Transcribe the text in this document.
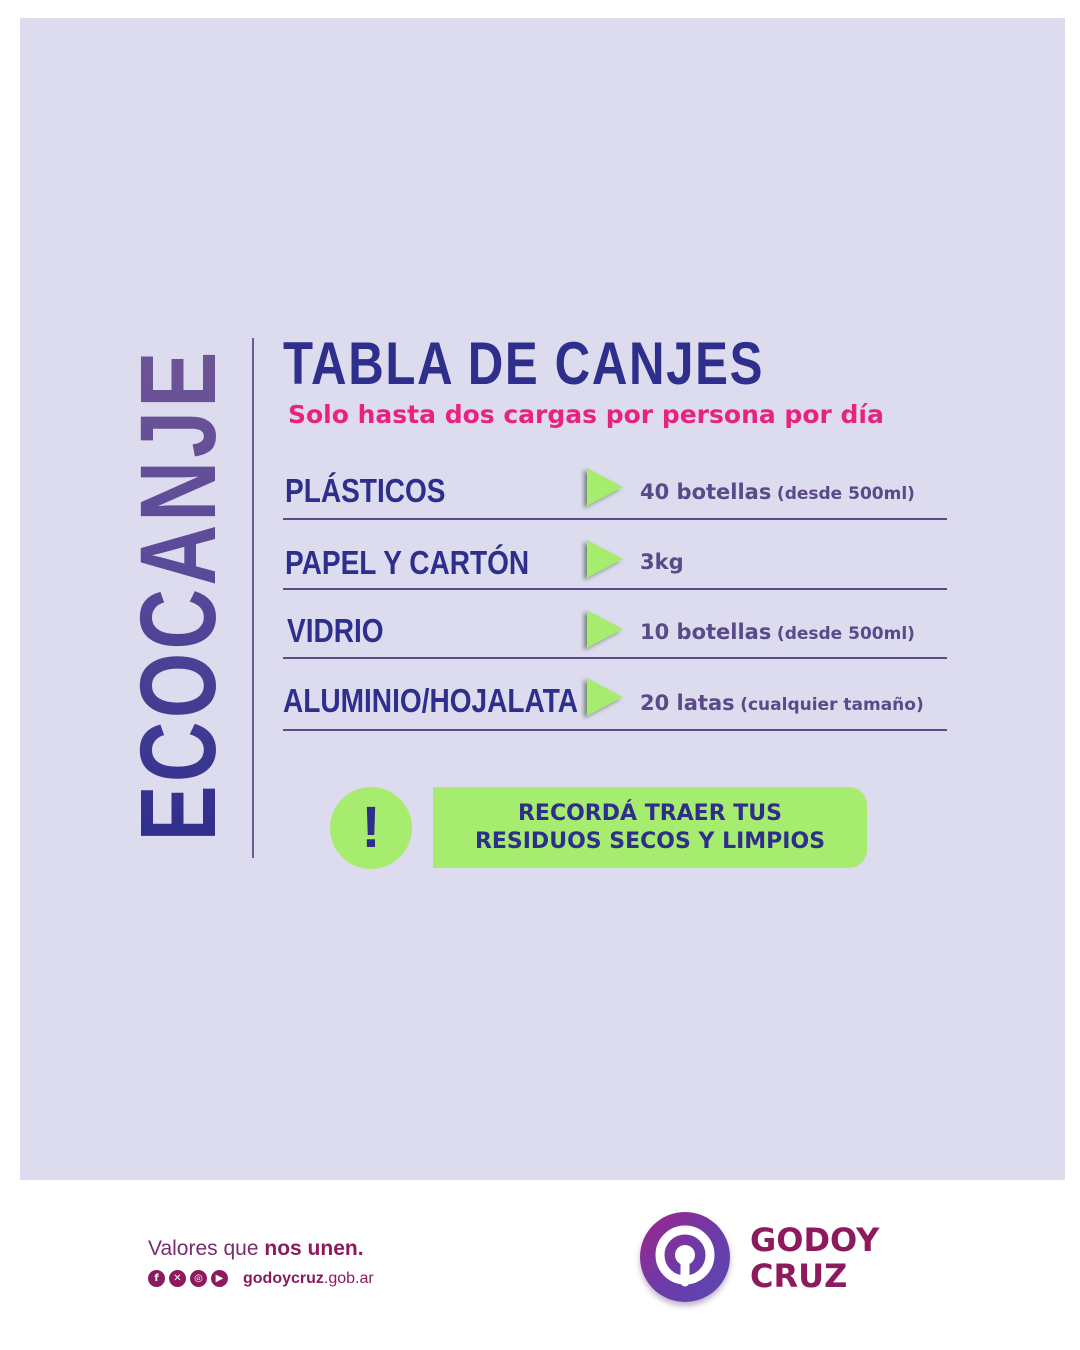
ECOCANJE TABLA DE CANJES
Solo hasta dos cargas por persona por día
PLÁSTICOS	40 botellas (desde 500ml)
PAPEL Y CARTÓN	3kg
VIDRIO	10 botellas (desde 500ml)
ALUMINIO/HOJALATA	20 latas (cualquier tamaño)
!	RECORDÁ TRAER TUS
RESIDUOS SECOS Y LIMPIOS
Valores que nos unen.
f	✕	◎	▶ godoycruz.gob.ar
GODOY
CRUZ
